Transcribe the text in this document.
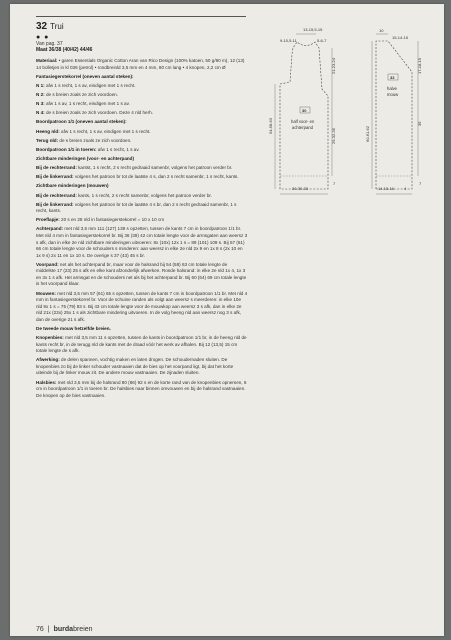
32 Trui
● ●
Van pag. 37
Maat 36/38 (40/42) 44/46

Materiaal: • garen Essentials Organic Cotton Aran van Rico Design (100% katoen, 50 g/90 m), 12 (13) 14 bolletjes in kl 036 (petrol) • rondbreinld 3,5 mm en 4 mm, 80 cm lang • 4 knopen, 2,2 cm Ø

Fantasiegerstekorrel (oneven aantal steken):

N 1: afw 1 s recht, 1 s av, eindigen met 1 s recht.

N 2: de s breien zoals ze zich voordoen.

N 3: afw 1 s av, 1 s recht, eindigen met 1 s av.

N 4: de s breien zoals ze zich voordoen. Deze 4 nld herh.

Boordpatroon 1/1 (oneven aantal steken):

Heeng nld: afw 1 s recht, 1 s av, eindigen met 1 s recht.

Terug nld: de s breien zoals ze zich voordoen.

Boordpatroon 1/1 in toeren: afw 1 s recht, 1 s av.

Zichtbare minderingen (voor- en achterpand)

Bij de rechterrand: kantst, 1 s recht, 2 s recht gedraaid samenbr, volgens het patroon verder br.

Bij de linkerrand: volgens het patroon br tot de laatste 4 s, dan 2 s recht samenbr, 1 s recht, kants.

Zichtbare minderingen (mouwen)

Bij de rechterrand: kants, 1 s recht, 2 s recht samenbr, volgens het patroon verder br.

Bij de linkerrand: volgens het patroon br tot de laatste 4 s br, dan 2 s recht gedraaid samenbr, 1 s recht, kants.

Proeflapje: 20 s en 28 nld in fantasiegerstekorrel = 10 x 10 cm

Achterpand: met nld 3,5 mm 111 (127) 139 s opzetten, tussen de kants 7 cm in boordpatroon 1/1 br. Met nld 4 mm in fantasiegerstekorrel br. Bij 36 (39) 42 cm totale lengte voor de armsgaten aan weersz 3 s afk, dan in elke 2e nld zichtbare minderingen uitvoeren: 8x (10x) 12x 1 s = 89 (101) 109 s. Bij 57 (61) 66 cm totale lengte voor de schouders s minderen: aan weersz in elke 2e nld 2x 9 en 1x 8 s (2x 10 en 1x 9 s) 2x 11 en 1x 10 s. De overige s 37 (43) 45 s br.

Voorpand: net als het achterpand br, maar voor de halsrand bij 54 (58) 63 cm totale lengte de middelste 17 (23) 25 s afk en elke kant afzonderlijk afwerken. Ronde halsrand: in elke 2e nld 1x 4, 1x 3 en 3x 1 s afk. Het armsgat en de schouders net als bij het achterpand br. Bij 60 (64) 69 cm totale lengte is het voorpand klaar.

Mouwen: met nld 3,5 mm 57 (61) 65 s opzetten, tussen de kants 7 cm in boordpatroon 1/1 br. Met nld 4 mm in fantasiegerstekorrel br. Voor de schuine randen als volgt aan weersz s meerderen: in elke 10e nld 9x 1 s = 75 (79) 83 s. Bij 43 cm totale lengte voor de mouwkop aan weersz 3 s afk, dan in elke 2e nld 21x (23x) 25x 1 s als zichtbare mindering uitvoeren. In de volg heeng nld aan weersz nog 3 s afk, dan de overige 21 s afk.

De tweede mouw hetzelfde breien.

Knopenbies: met nld 3,5 mm 11 s opzetten, tussen de kants in boordpatroon 1/1 br, in de heeng nld de kants recht br, in de terugg nld de kants met de draad vóór het werk av afhalen. Bij 12 (13,5) 15 cm totale lengte de s afk.

Afwerking: de delen spannen, vochtig maken en laten drogen. De schoudernaden sluiten. De knopenbies zo bij de linker schouder vastnaaien dat de bies op het voorpand ligt, bij dat het korte uiteinde bij de linker mouw zit. De andere mouw vastnaaien. De zijnaden sluiten.

Halsbies: met nld 3,5 mm bij de halsrand 80 (86) 92 s en de korte rand van de knopenbies opnemen, 6 cm in boordpatroon 1/1 in toeren br. De halsbies naar binnen omvouwen en bij de halsrand vastnaaien. De knopen op de bies vastnaaien.

13-15,5-15
9-10,5-11	5-6-7
54-58-63
21-23-24
29-32-35
7
30
half voor- en
achterpand
26-30-33
10
15-14-15
17-18-19
36
7
60-61-62
33
halve
mouw
14-15-16 4
76 | burdabreien
